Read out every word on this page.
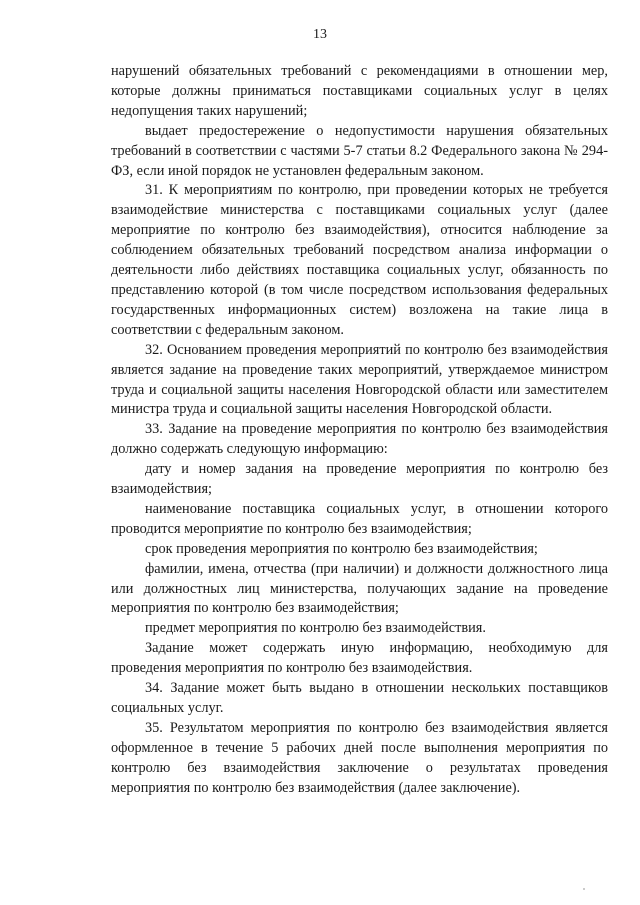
13

нарушений обязательных требований с рекомендациями в отношении мер, которые должны приниматься поставщиками социальных услуг в целях недопущения таких нарушений;

выдает предостережение о недопустимости нарушения обязательных требований в соответствии с частями 5-7 статьи 8.2 Федерального закона № 294-ФЗ, если иной порядок не установлен федеральным законом.

31. К мероприятиям по контролю, при проведении которых не требуется взаимодействие министерства с поставщиками социальных услуг (далее мероприятие по контролю без взаимодействия), относится наблюдение за соблюдением обязательных требований посредством анализа информации о деятельности либо действиях поставщика социальных услуг, обязанность по представлению которой (в том числе посредством использования федеральных государственных информационных систем) возложена на такие лица в соответствии с федеральным законом.

32. Основанием проведения мероприятий по контролю без взаимодействия является задание на проведение таких мероприятий, утверждаемое министром труда и социальной защиты населения Новгородской области или заместителем министра труда и социальной защиты населения Новгородской области.

33. Задание на проведение мероприятия по контролю без взаимодействия должно содержать следующую информацию:

дату и номер задания на проведение мероприятия по контролю без взаимодействия;

наименование поставщика социальных услуг, в отношении которого проводится мероприятие по контролю без взаимодействия;

срок проведения мероприятия по контролю без взаимодействия;

фамилии, имена, отчества (при наличии) и должности должностного лица или должностных лиц министерства, получающих задание на проведение мероприятия по контролю без взаимодействия;

предмет мероприятия по контролю без взаимодействия.

Задание может содержать иную информацию, необходимую для проведения мероприятия по контролю без взаимодействия.

34. Задание может быть выдано в отношении нескольких поставщиков социальных услуг.

35. Результатом мероприятия по контролю без взаимодействия является оформленное в течение 5 рабочих дней после выполнения мероприятия по контролю без взаимодействия заключение о результатах проведения мероприятия по контролю без взаимодействия (далее заключение).
